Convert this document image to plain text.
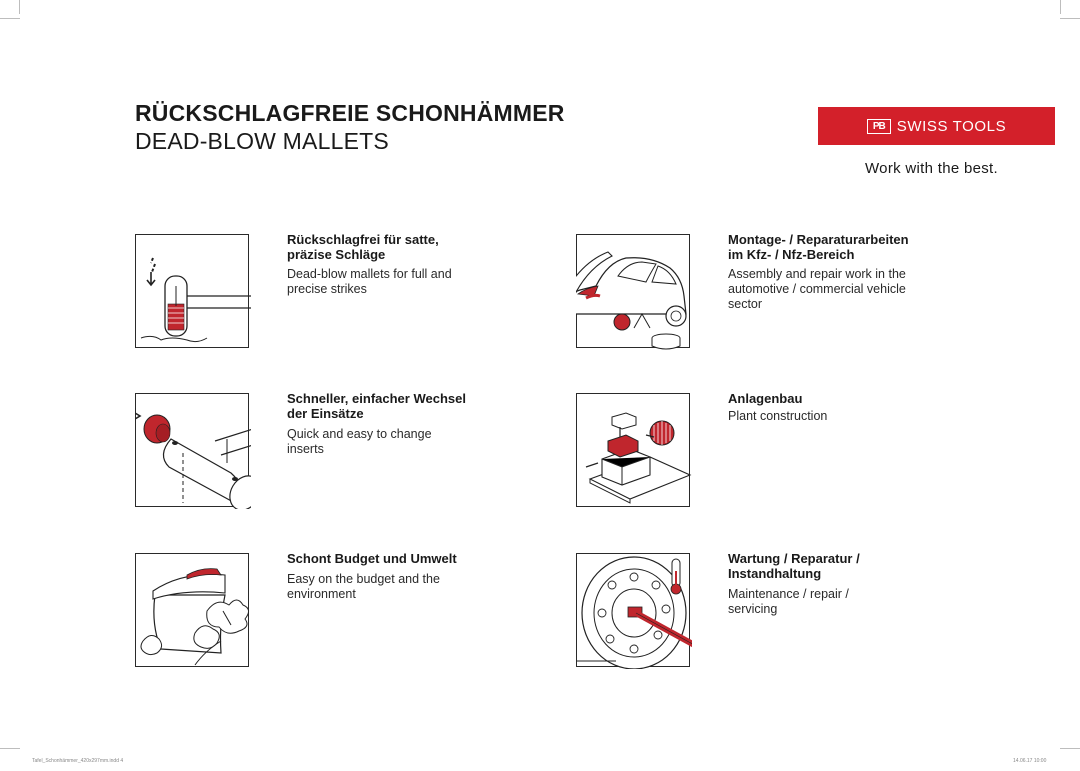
RÜCKSCHLAGFREIE SCHONHÄMMER
DEAD-BLOW MALLETS
PB SWISS TOOLS
Work with the best.
Rückschlagfrei für satte,
präzise Schläge
Dead-blow mallets for full and
precise strikes
Montage- / Reparaturarbeiten
im Kfz- / Nfz-Bereich
Assembly and repair work in the
automotive / commercial vehicle
sector
Schneller, einfacher Wechsel
der Einsätze
Quick and easy to change
inserts
Anlagenbau
Plant construction
Schont Budget und Umwelt
Easy on the budget and the
environment
Wartung / Reparatur /
Instandhaltung
Maintenance / repair /
servicing
Tafel_Schonhämmer_420x297mm.indd 4	14.06.17 10:00
